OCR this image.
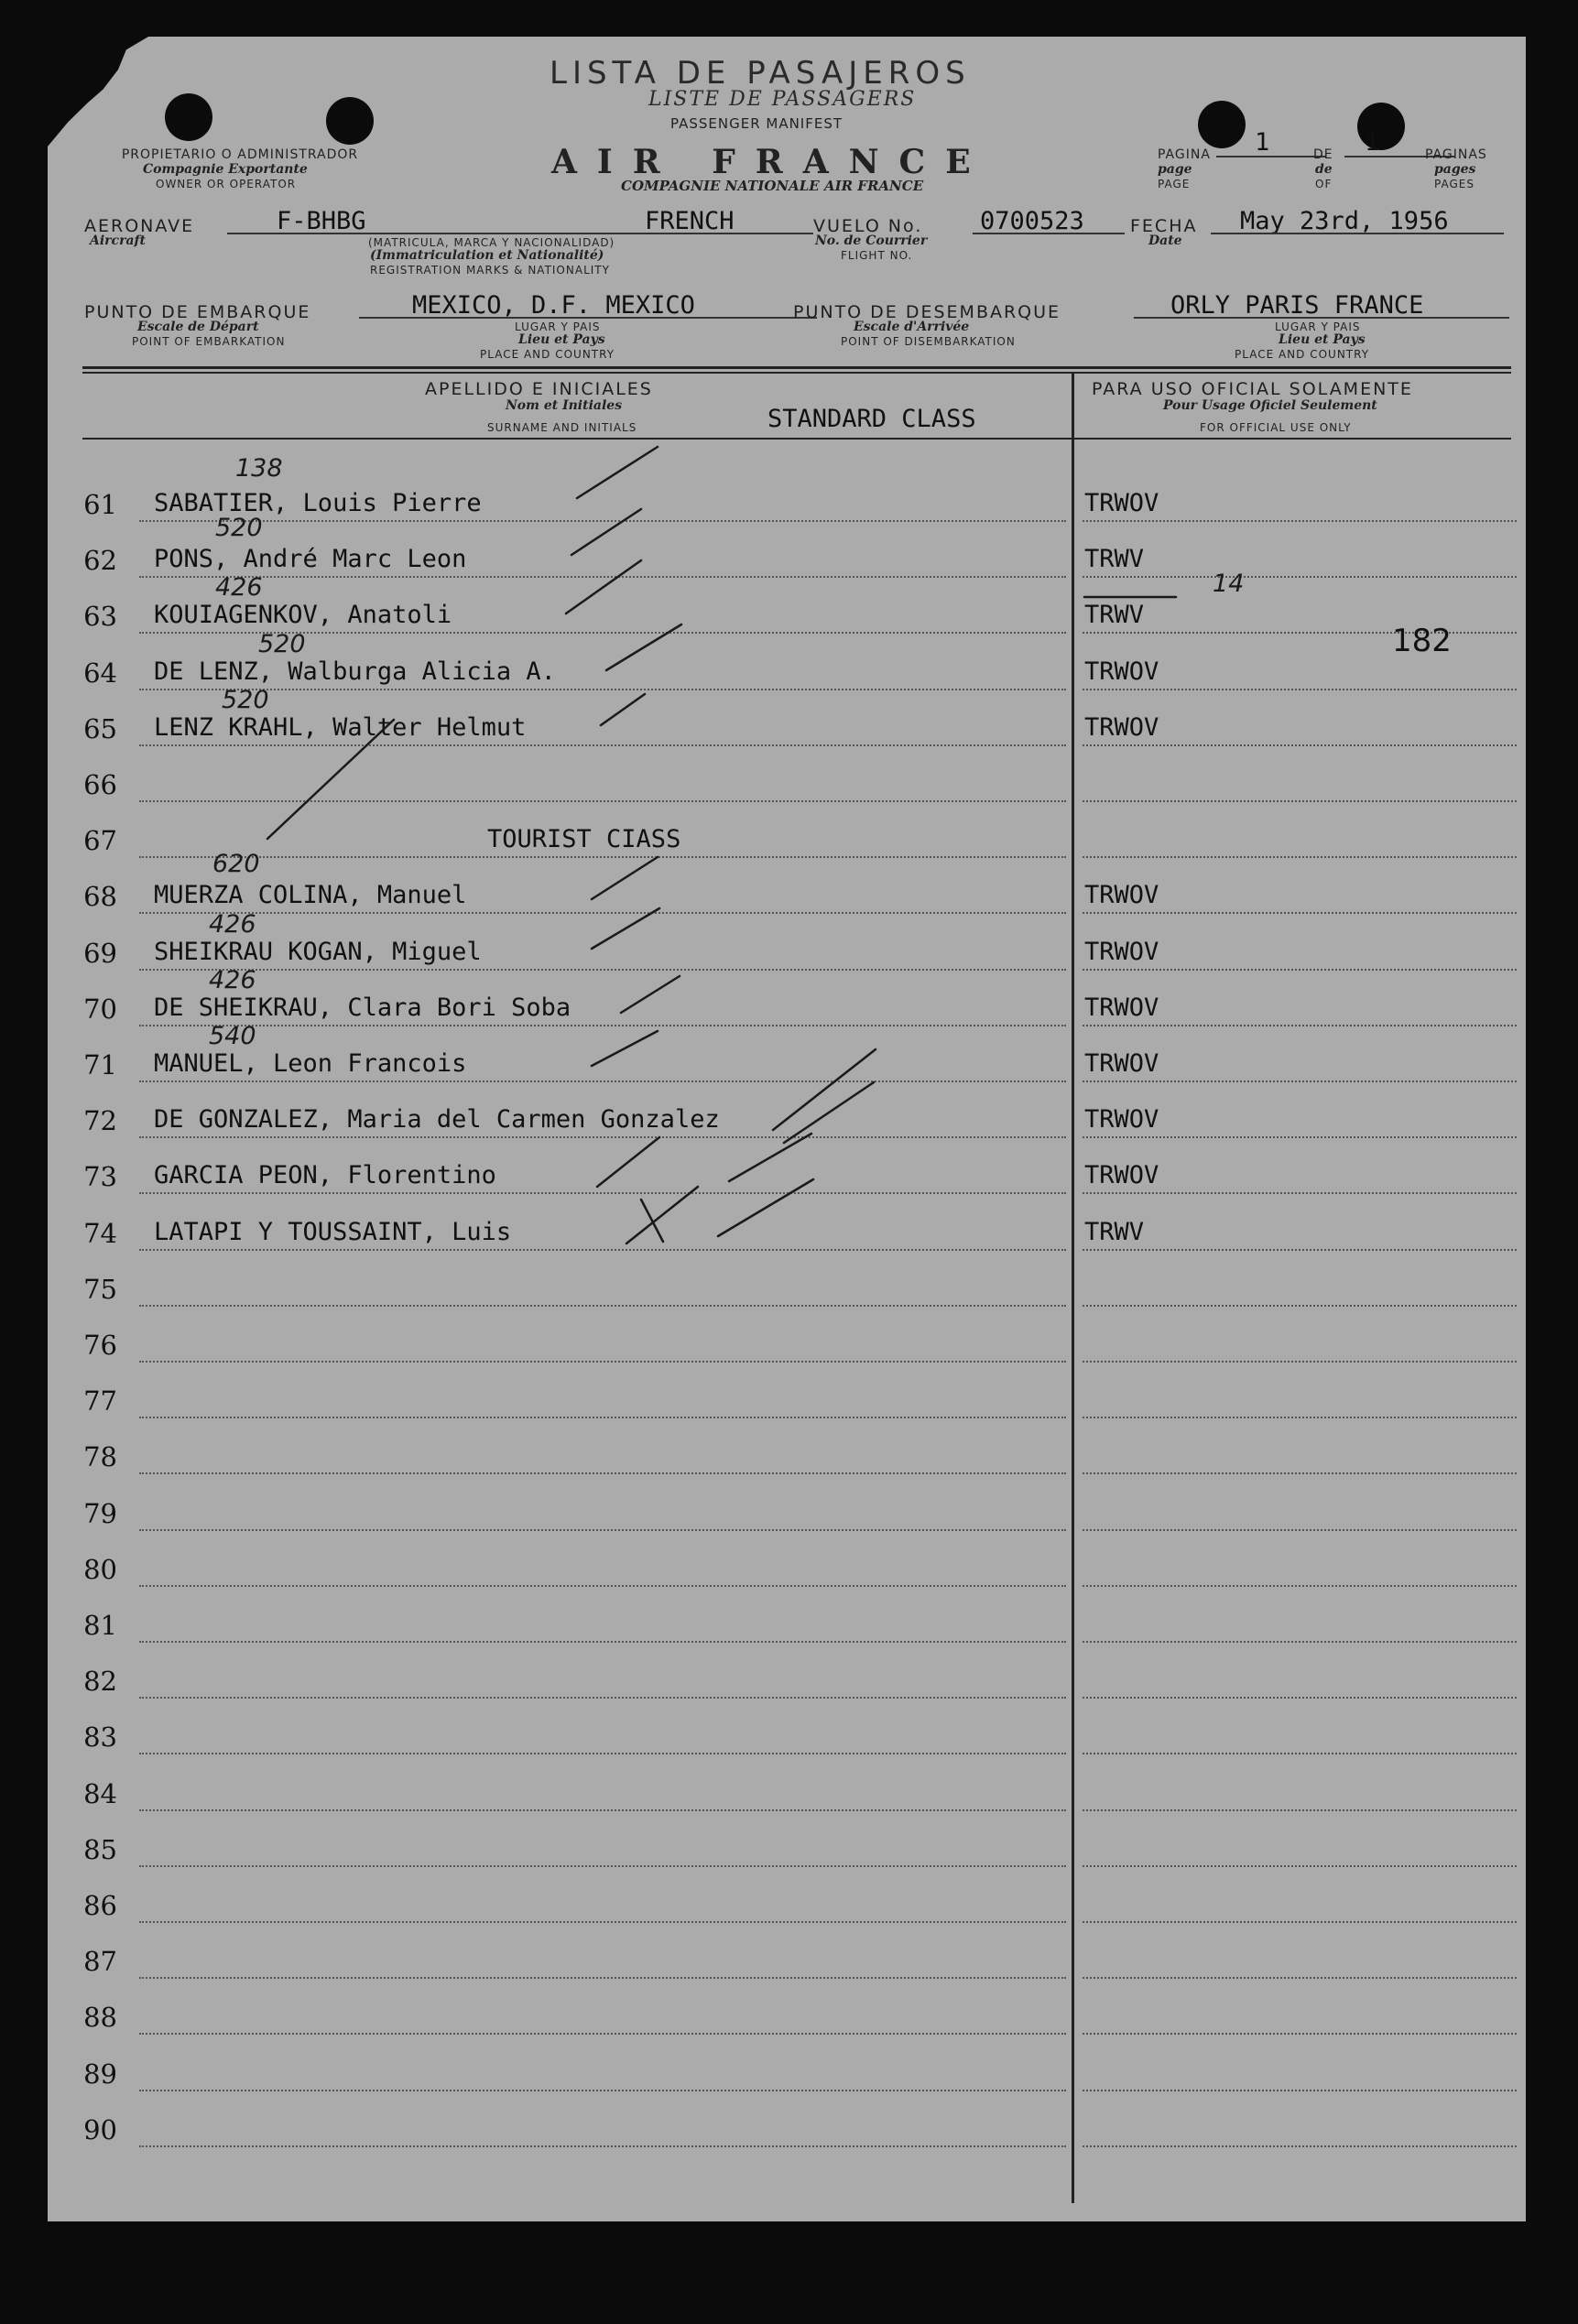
LISTA DE PASAJEROS
LISTE DE PASSAGERS
PASSENGER MANIFEST
AIR FRANCE
COMPAGNIE NATIONALE AIR FRANCE
PROPIETARIO O ADMINISTRADOR
Compagnie Exportante
OWNER OR OPERATOR
PAGINA
page
PAGE
1	DE
de
OF
1	PAGINAS
pages
PAGES
AERONAVE
Aircraft
F-BHBG	FRENCH
(MATRICULA, MARCA Y NACIONALIDAD)
(Immatriculation et Nationalité)
REGISTRATION MARKS & NATIONALITY
VUELO No.
No. de Courrier
FLIGHT NO.
0700523	FECHA
Date
May 23rd, 1956
PUNTO DE EMBARQUE
Escale de Départ
POINT OF EMBARKATION
MEXICO, D.F. MEXICO
LUGAR Y PAIS
Lieu et Pays
PLACE AND COUNTRY
PUNTO DE DESEMBARQUE
Escale d'Arrivée
POINT OF DISEMBARKATION
ORLY PARIS FRANCE
LUGAR Y PAIS
Lieu et Pays
PLACE AND COUNTRY
APELLIDO E INICIALES
Nom et Initiales
SURNAME AND INITIALS	STANDARD CLASS
PARA USO OFICIAL SOLAMENTE
Pour Usage Oficiel Seulement
FOR OFFICIAL USE ONLY
61 SABATIER, Louis Pierre	TRWOV
138
62 PONS, André Marc Leon	TRWV
520
63 KOUIAGENKOV, Anatoli	TRWV
426
64 DE LENZ, Walburga Alicia A.	TRWOV
520
65 LENZ KRAHL, Walter Helmut	TRWOV
520
66
67	TOURIST CIASS
68 MUERZA COLINA, Manuel	TRWOV
620
69 SHEIKRAU KOGAN, Miguel	TRWOV
426
70 DE SHEIKRAU, Clara Bori Soba	TRWOV
426
71 MANUEL, Leon Francois	TRWOV
540
72 DE GONZALEZ, Maria del Carmen Gonzalez	TRWOV
73 GARCIA PEON, Florentino	TRWOV
74 LATAPI Y TOUSSAINT, Luis	TRWV
75
76
77
78
79
80
81
82
83
84
85
86
87
88
89
90
14
182
